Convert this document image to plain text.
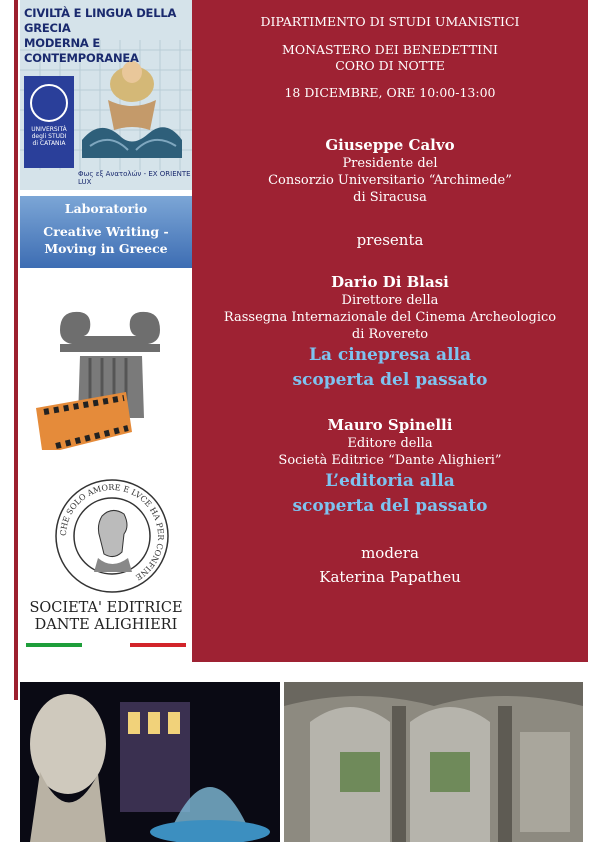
CIVILTÀ E LINGUA DELLA GRECIA
MODERNA E CONTEMPORANEA
UNIVERSITÀ
degli STUDI
di CATANIA
Φως εξ Ανατολών - EX ORIENTE LUX
Laboratorio
Creative Writing -
Moving in Greece
CHE SOLO AMORE E LVCE HA PER CONFINE
SOCIETA' EDITRICE
DANTE ALIGHIERI
DIPARTIMENTO DI STUDI UMANISTICI
MONASTERO DEI BENEDETTINI
CORO DI NOTTE
18 DICEMBRE, ORE 10:00-13:00
Giuseppe Calvo
Presidente del
Consorzio Universitario “Archimede”
di Siracusa
presenta
Dario Di Blasi
Direttore della
Rassegna Internazionale del Cinema Archeologico
di Rovereto
La cinepresa alla
scoperta del passato
Mauro Spinelli
Editore della
Società Editrice “Dante Alighieri”
L’editoria alla
scoperta del passato
modera
Katerina Papatheu
